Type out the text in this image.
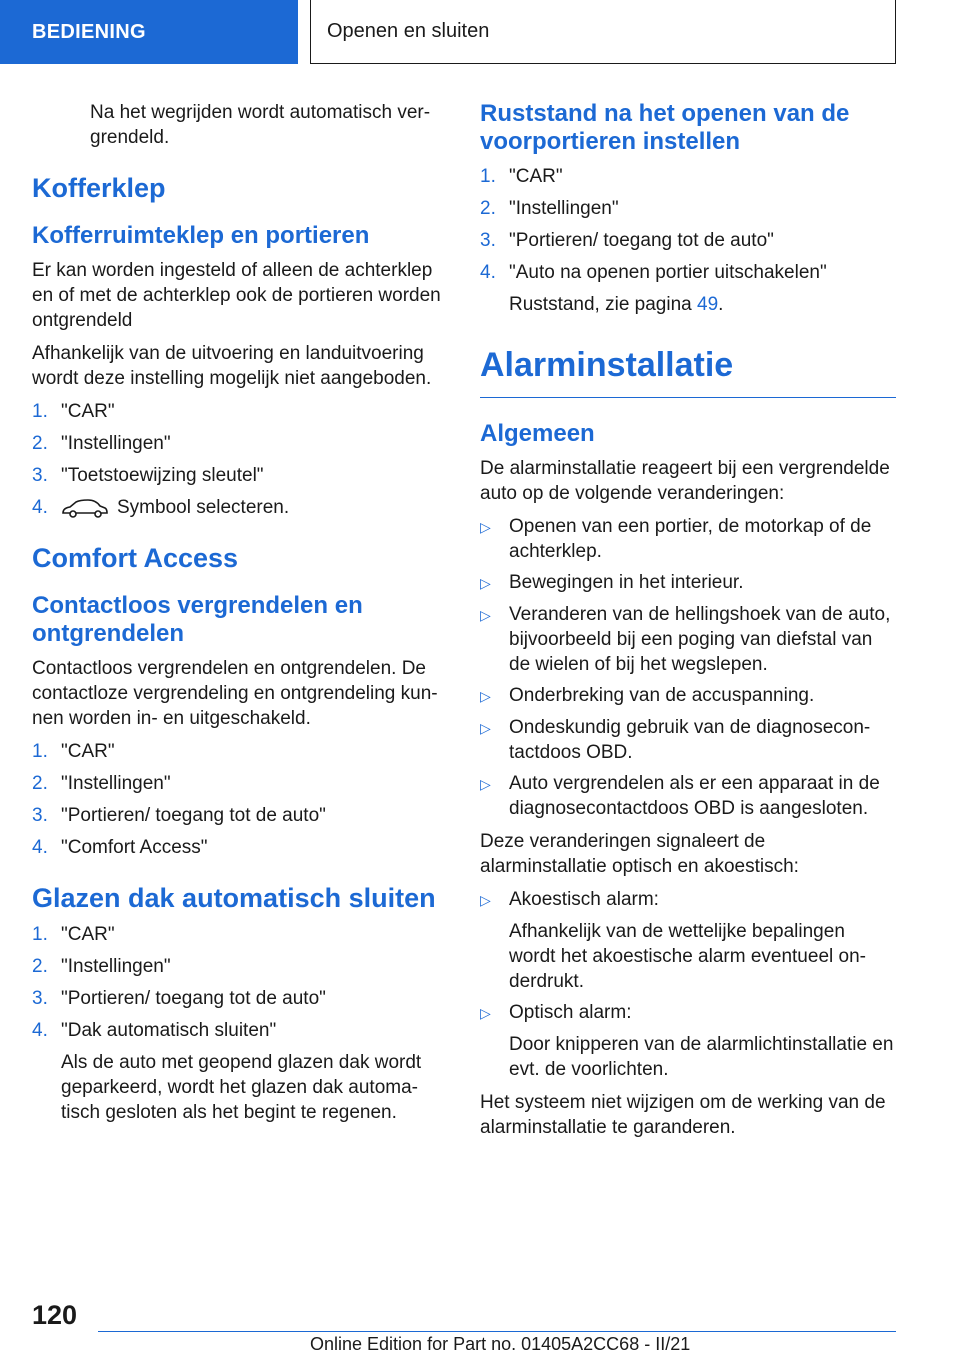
BEDIENING	Openen en sluiten

Na het wegrijden wordt automatisch ver-grendeld.

Kofferklep
Kofferruimteklep en portieren

Er kan worden ingesteld of alleen de achterklep en of met de achterklep ook de portieren worden ontgrendeld

Afhankelijk van de uitvoering en landuitvoering wordt deze instelling mogelijk niet aangeboden.

1. "CAR"
2. "Instellingen"
3. "Toetstoewijzing sleutel"
4.	Symbool selecteren.
Comfort Access
Contactloos vergrendelen en ontgrendelen

Contactloos vergrendelen en ontgrendelen. De contactloze vergrendeling en ontgrendeling kun-nen worden in- en uitgeschakeld.

1. "CAR"
2. "Instellingen"
3. "Portieren/ toegang tot de auto"
4. "Comfort Access"
Glazen dak automatisch sluiten
1. "CAR"
2. "Instellingen"
3. "Portieren/ toegang tot de auto"
4. "Dak automatisch sluiten"
Als de auto met geopend glazen dak wordt geparkeerd, wordt het glazen dak automa-tisch gesloten als het begint te regenen.
Ruststand na het openen van de voorportieren instellen
1. "CAR"
2. "Instellingen"
3. "Portieren/ toegang tot de auto"
4. "Auto na openen portier uitschakelen"
Ruststand, zie pagina 49.
Alarminstallatie
Algemeen

De alarminstallatie reageert bij een vergrendelde auto op de volgende veranderingen:

▷ Openen van een portier, de motorkap of de achterklep.
▷ Bewegingen in het interieur.
▷ Veranderen van de hellingshoek van de auto, bijvoorbeeld bij een poging van diefstal van de wielen of bij het wegslepen.
▷ Onderbreking van de accuspanning.
▷ Ondeskundig gebruik van de diagnosecon-tactdoos OBD.
▷ Auto vergrendelen als er een apparaat in de diagnosecontactdoos OBD is aangesloten.

Deze veranderingen signaleert de alarminstallatie optisch en akoestisch:

▷ Akoestisch alarm:
Afhankelijk van de wettelijke bepalingen wordt het akoestische alarm eventueel on-derdrukt.
▷ Optisch alarm:
Door knipperen van de alarmlichtinstallatie en evt. de voorlichten.

Het systeem niet wijzigen om de werking van de alarminstallatie te garanderen.

120
Online Edition for Part no. 01405A2CC68 - II/21
